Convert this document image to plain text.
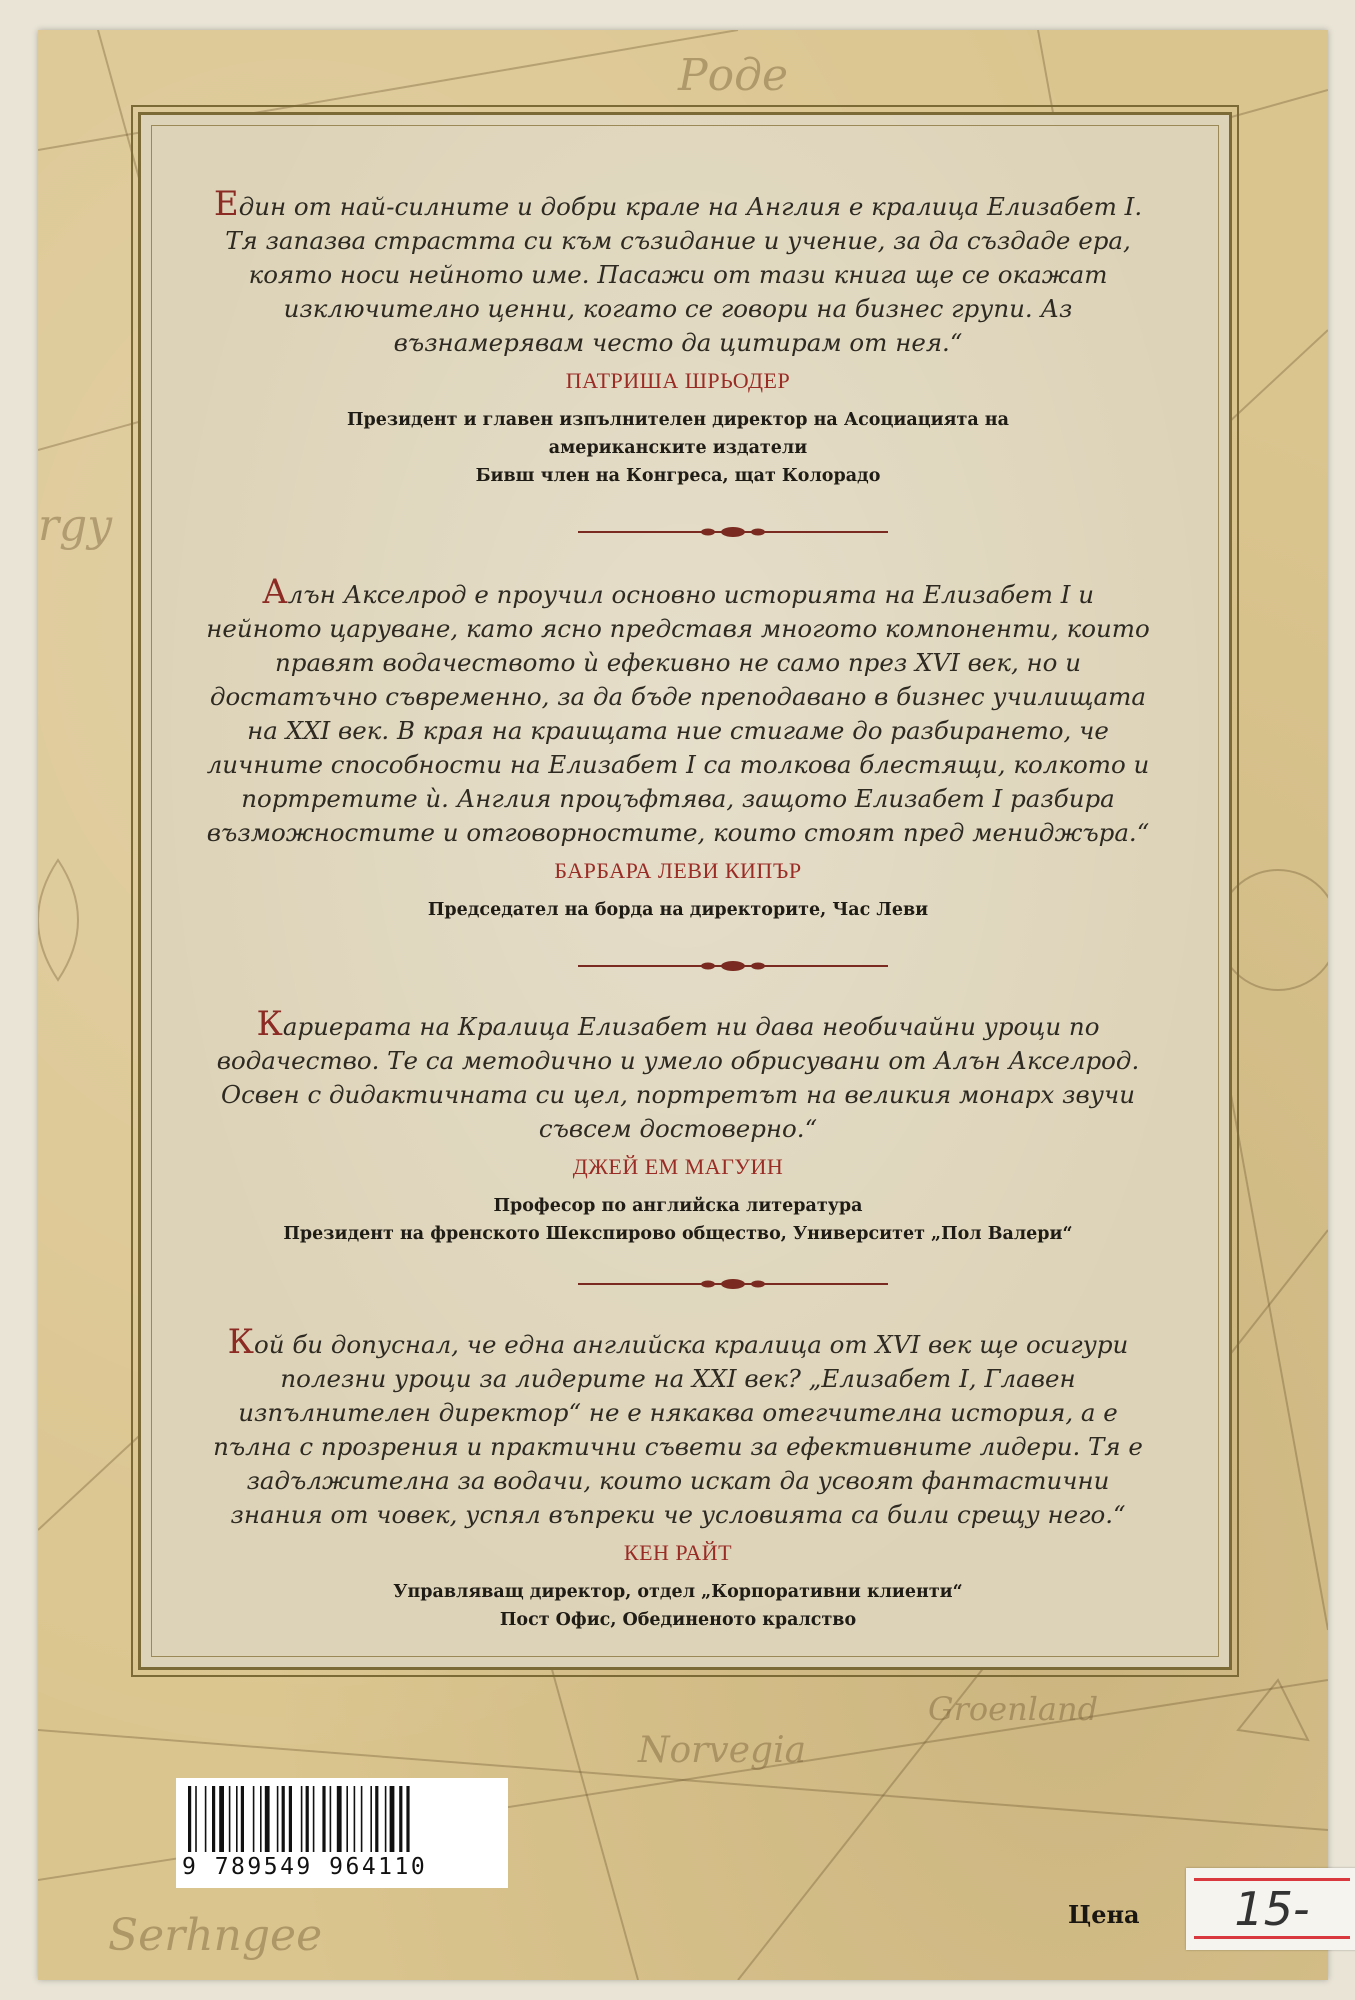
Роде
rgy
Serhngee
Norvegia
Groenland

Един от най-силните и добри крале на Англия е кралица Елизабет I. Тя запазва страстта си към съзидание и учение, за да създаде ера, която носи нейното име. Пасажи от тази книга ще се окажат изключително ценни, когато се говори на бизнес групи. Аз възнамерявам често да цитирам от нея.“

ПАТРИША ШРЬОДЕР

Президент и главен изпълнителен директор на Асоциацията на американските издатели

Бивш член на Конгреса, щат Колорадо

Алън Акселрод е проучил основно историята на Елизабет I и нейното царуване, като ясно представя многото компоненти, които правят водачеството ѝ ефекивно не само през XVI век, но и достатъчно съвременно, за да бъде преподавано в бизнес училищата на XXI век. В края на краищата ние стигаме до разбирането, че личните способности на Елизабет I са толкова блестящи, колкото и портретите ѝ. Англия процъфтява, защото Елизабет I разбира възможностите и отговорностите, които стоят пред мениджъра.“

БАРБАРА ЛЕВИ КИПЪР

Председател на борда на директорите, Час Леви

Кариерата на Кралица Елизабет ни дава необичайни уроци по водачество. Те са методично и умело обрисувани от Алън Акселрод. Освен с дидактичната си цел, портретът на великия монарх звучи съвсем достоверно.“

ДЖЕЙ ЕМ МАГУИН

Професор по английска литература

Президент на френското Шекспирово общество, Университет „Пол Валери“

Кой би допуснал, че една английска кралица от XVI век ще осигури полезни уроци за лидерите на XXI век? „Елизабет I, Главен изпълнителен директор“ не е някаква отегчителна история, а е пълна с прозрения и практични съвети за ефективните лидери. Тя е задължителна за водачи, които искат да усвоят фантастични знания от човек, успял въпреки че условията са били срещу него.“

КЕН РАЙТ

Управляващ директор, отдел „Корпоративни клиенти“

Пост Офис, Обединеното кралство

9 789549 964110
Цена	15-
